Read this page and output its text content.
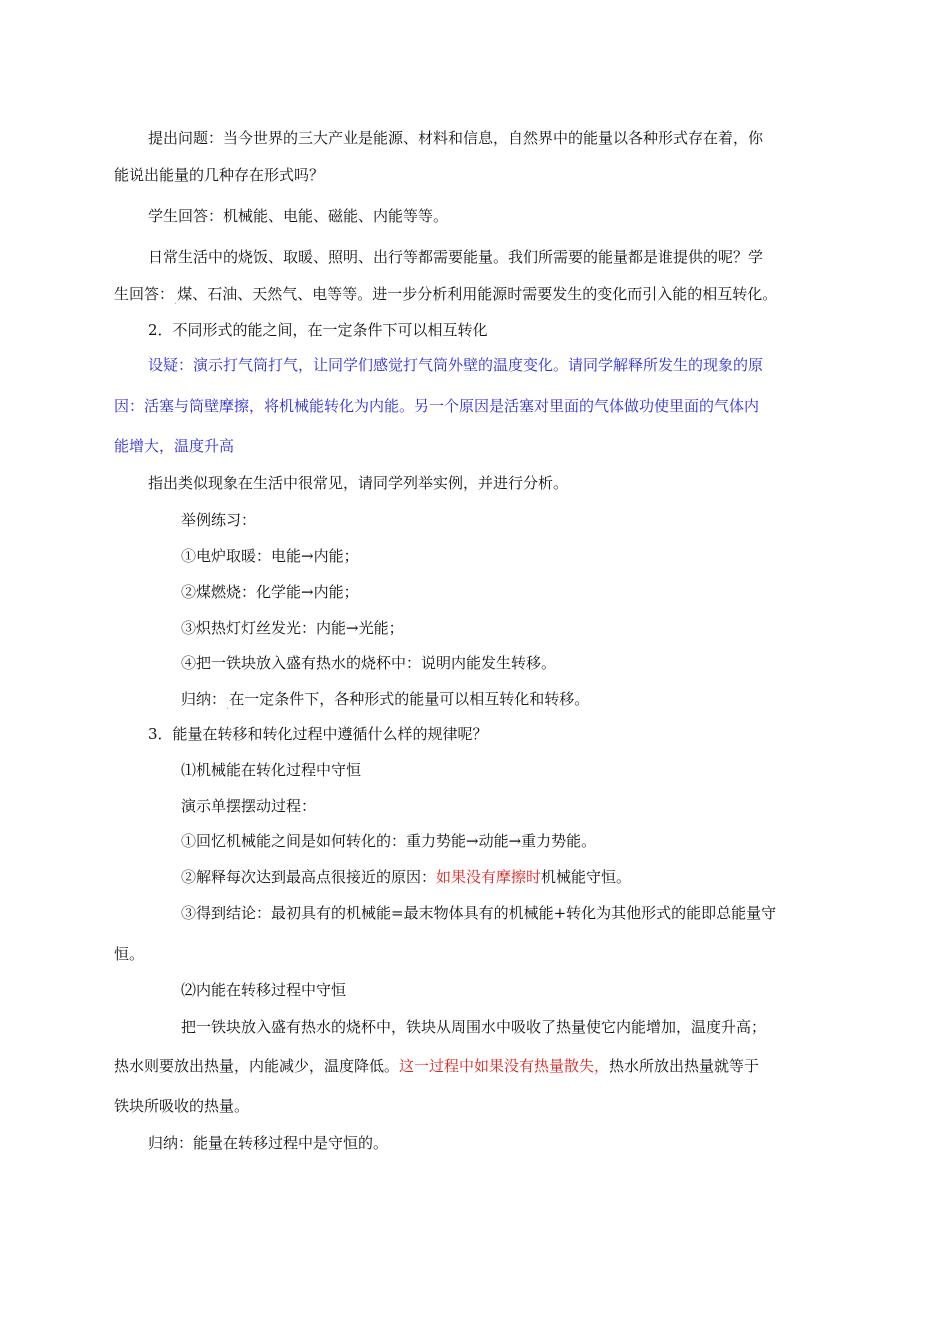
提出问题：当今世界的三大产业是能源、材料和信息，自然界中的能量以各种形式存在着，你
能说出能量的几种存在形式吗？
学生回答：机械能、电能、磁能、内能等等。
日常生活中的烧饭、取暖、照明、出行等都需要能量。我们所需要的能量都是谁提供的呢？学
生回答：$_.$煤、石油、天然气、电等等。进一步分析利用能源时需要发生的变化而引入能的相互转化。
2．不同形式的能之间，在一定条件下可以相互转化
设疑：演示打气筒打气，让同学们感觉打气筒外壁的温度变化。请同学解释所发生的现象的原
因：活塞与筒壁摩擦，将机械能转化为内能。另一个原因是活塞对里面的气体做功使里面的气体内
能增大，温度升高
指出类似现象在生活中很常见，请同学列举实例，并进行分析。
举例练习：
①电炉取暖：电能→内能；
②煤燃烧：化学能→内能；
③炽热灯灯丝发光：内能→光能；
④把一铁块放入盛有热水的烧杯中：说明内能发生转移。
归纳：$_.$在一定条件下，各种形式的能量可以相互转化和转移。
3．能量在转移和转化过程中遵循什么样的规律呢？
⑴机械能在转化过程中守恒
演示单摆摆动过程：
①回忆机械能之间是如何转化的：重力势能→动能→重力势能。
②解释每次达到最高点很接近的原因：如果没有摩擦时机械能守恒。
③得到结论：最初具有的机械能=最末物体具有的机械能+转化为其他形式的能即总能量守
恒。
⑵内能在转移过程中守恒
把一铁块放入盛有热水的烧杯中，铁块从周围水中吸收了热量使它内能增加，温度升高；
热水则要放出热量，内能减少，温度降低。这一过程中如果没有热量散失，热水所放出热量就等于
铁块所吸收的热量。
归纳：能量在转移过程中是守恒的。
